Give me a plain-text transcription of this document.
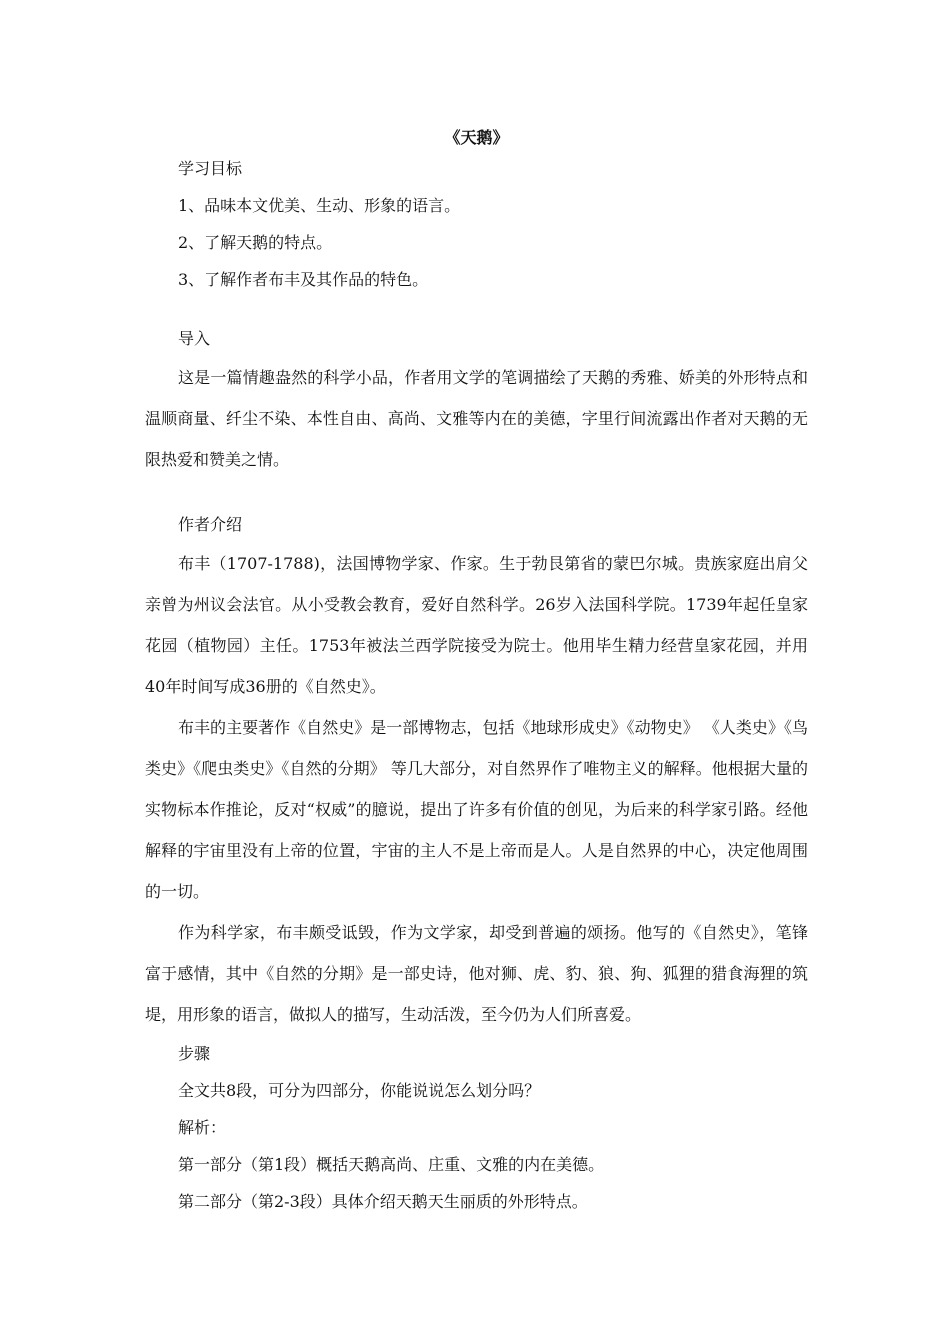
《天鹅》
学习目标
1、品味本文优美、生动、形象的语言。
2、了解天鹅的特点。
3、了解作者布丰及其作品的特色。
导入

这是一篇情趣盎然的科学小品，作者用文学的笔调描绘了天鹅的秀雅、娇美的外形特点和温顺商量、纤尘不染、本性自由、高尚、文雅等内在的美德，字里行间流露出作者对天鹅的无限热爱和赞美之情。

作者介绍

布丰（1707-1788)，法国博物学家、作家。生于勃艮第省的蒙巴尔城。贵族家庭出肩父亲曾为州议会法官。从小受教会教育，爱好自然科学。26岁入法国科学院。1739年起任皇家花园（植物园）主任。1753年被法兰西学院接受为院士。他用毕生精力经营皇家花园，并用40年时间写成36册的《自然史》。

布丰的主要著作《自然史》是一部博物志，包括《地球形成史》《动物史》 《人类史》《鸟类史》《爬虫类史》《自然的分期》 等几大部分，对自然界作了唯物主义的解释。他根据大量的实物标本作推论，反对“权威”的臆说，提出了许多有价值的创见，为后来的科学家引路。经他解释的宇宙里没有上帝的位置，宇宙的主人不是上帝而是人。人是自然界的中心，决定他周围的一切。

作为科学家，布丰颇受诋毁，作为文学家，却受到普遍的颂扬。他写的《自然史》，笔锋富于感情，其中《自然的分期》是一部史诗，他对狮、虎、豹、狼、狗、狐狸的猎食海狸的筑堤，用形象的语言，做拟人的描写，生动活泼，至今仍为人们所喜爱。

步骤
全文共8段，可分为四部分，你能说说怎么划分吗？
解析：
第一部分（第1段）概括天鹅高尚、庄重、文雅的内在美德。
第二部分（第2-3段）具体介绍天鹅天生丽质的外形特点。
